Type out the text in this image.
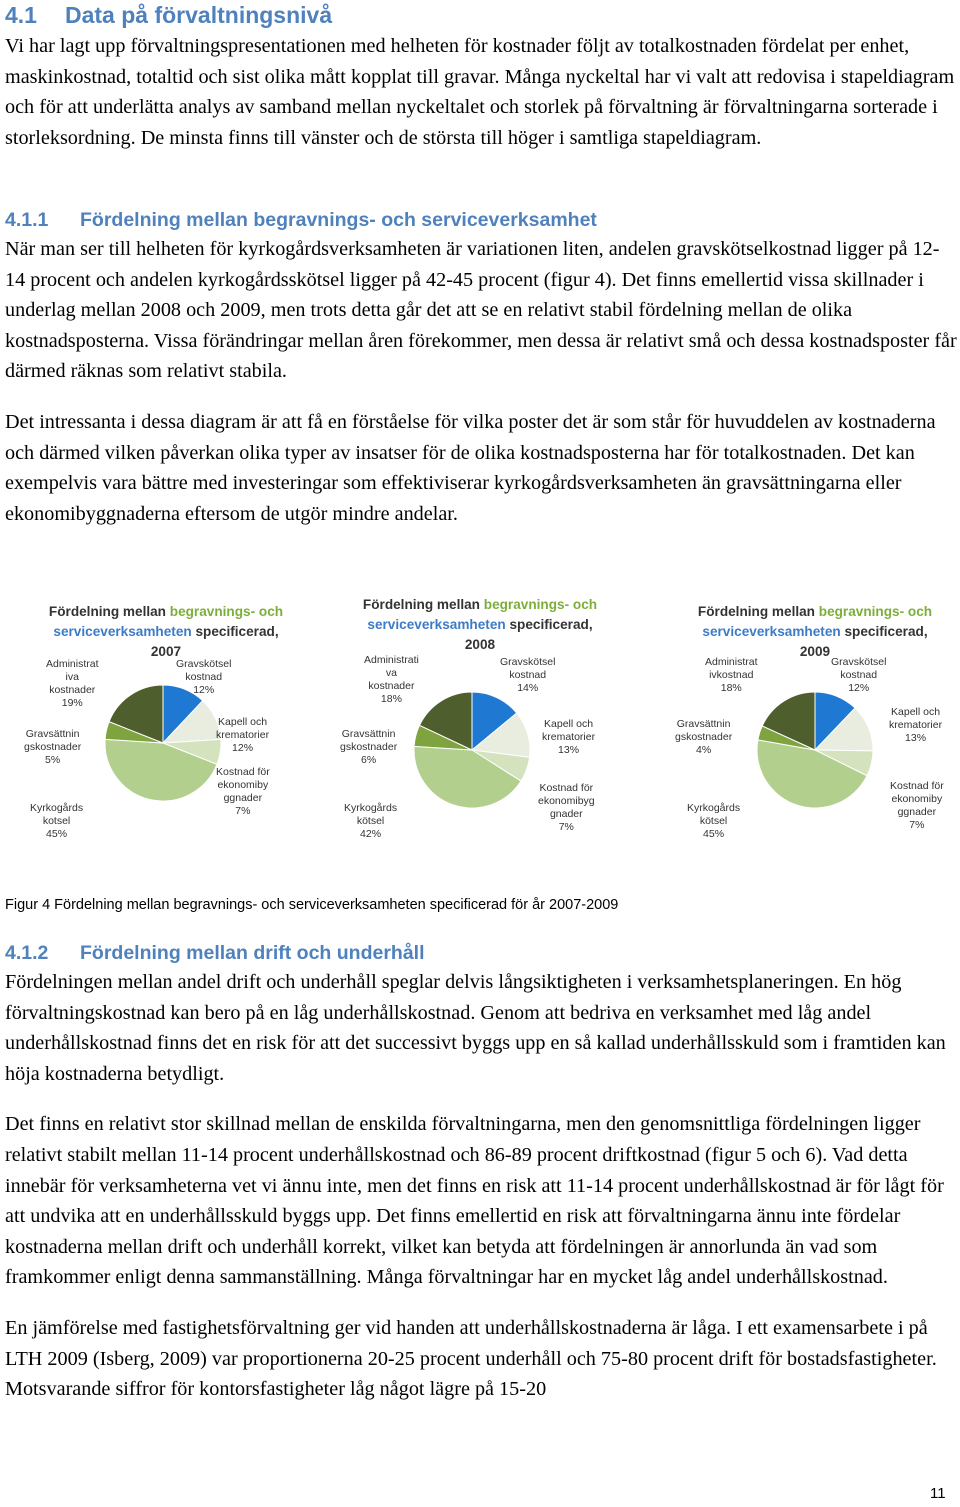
4.1 Data på förvaltningsnivå

Vi har lagt upp förvaltningspresentationen med helheten för kostnader följt av totalkostnaden fördelat per enhet, maskinkostnad, totaltid och sist olika mått kopplat till gravar. Många nyckeltal har vi valt att redovisa i stapeldiagram och för att underlätta analys av samband mellan nyckeltalet och storlek på förvaltning är förvaltningarna sorterade i storleksordning. De minsta finns till vänster och de största till höger i samtliga stapeldiagram.

4.1.1 Fördelning mellan begravnings- och serviceverksamhet

När man ser till helheten för kyrkogårdsverksamheten är variationen liten, andelen gravskötselkostnad ligger på 12-14 procent och andelen kyrkogårdsskötsel ligger på 42-45 procent (figur 4). Det finns emellertid vissa skillnader i underlag mellan 2008 och 2009, men trots detta går det att se en relativt stabil fördelning mellan de olika kostnadsposterna. Vissa förändringar mellan åren förekommer, men dessa är relativt små och dessa kostnadsposter får därmed räknas som relativt stabila.

Det intressanta i dessa diagram är att få en förståelse för vilka poster det är som står för huvuddelen av kostnaderna och därmed vilken påverkan olika typer av insatser för de olika kostnadsposterna har för totalkostnaden. Det kan exempelvis vara bättre med investeringar som effektiviserar kyrkogårdsverksamheten än gravsättningarna eller ekonomibyggnaderna eftersom de utgör mindre andelar.

Fördelning mellan begravnings- och
serviceverksamheten specificerad,
2007
Gravskötsel
kostnad
12%
Kapell och
krematorier
12%
Kostnad för
ekonomiby
ggnader
7%
Kyrkogårds
kotsel
45%
Gravsättnin
gskostnader
5%
Administrat
iva
kostnader
19%
Fördelning mellan begravnings- och
serviceverksamheten specificerad,
2008
Gravskötsel
kostnad
14%
Kapell och
krematorier
13%
Kostnad för
ekonomibyg
gnader
7%
Kyrkogårds
kötsel
42%
Gravsättnin
gskostnader
6%
Administrati
va
kostnader
18%
Fördelning mellan begravnings- och
serviceverksamheten specificerad,
2009
Gravskötsel
kostnad
12%
Kapell och
krematorier
13%
Kostnad för
ekonomiby
ggnader
7%
Kyrkogårds
kötsel
45%
Gravsättnin
gskostnader
4%
Administrat
ivkostnad
18%
Figur 4 Fördelning mellan begravnings- och serviceverksamheten specificerad för år 2007-2009
4.1.2 Fördelning mellan drift och underhåll

Fördelningen mellan andel drift och underhåll speglar delvis långsiktigheten i verksamhetsplaneringen. En hög förvaltningskostnad kan bero på en låg underhållskostnad. Genom att bedriva en verksamhet med låg andel underhållskostnad finns det en risk för att det successivt byggs upp en så kallad underhållsskuld som i framtiden kan höja kostnaderna betydligt.

Det finns en relativt stor skillnad mellan de enskilda förvaltningarna, men den genomsnittliga fördelningen ligger relativt stabilt mellan 11-14 procent underhållskostnad och 86-89 procent driftkostnad (figur 5 och 6). Vad detta innebär för verksamheterna vet vi ännu inte, men det finns en risk att 11-14 procent underhållskostnad är för lågt för att undvika att en underhållsskuld byggs upp. Det finns emellertid en risk att förvaltningarna ännu inte fördelar kostnaderna mellan drift och underhåll korrekt, vilket kan betyda att fördelningen är annorlunda än vad som framkommer enligt denna sammanställning. Många förvaltningar har en mycket låg andel underhållskostnad.

En jämförelse med fastighetsförvaltning ger vid handen att underhållskostnaderna är låga. I ett examensarbete i på LTH 2009 (Isberg, 2009) var proportionerna 20-25 procent underhåll och 75-80 procent drift för bostadsfastigheter. Motsvarande siffror för kontorsfastigheter låg något lägre på 15-20

11
